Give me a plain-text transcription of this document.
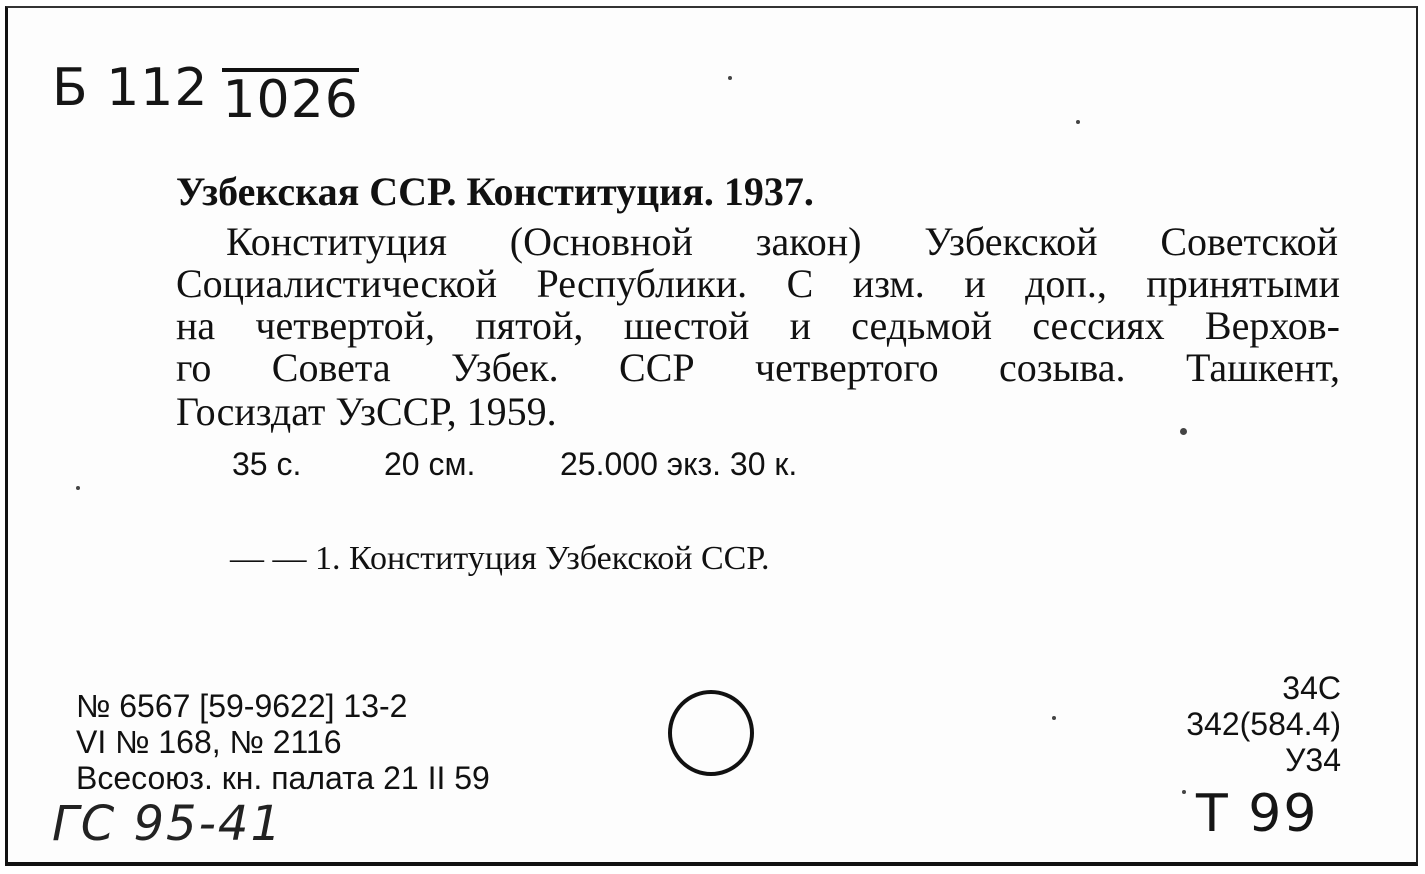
Б 112 1026
Узбекская ССР. Конституция. 1937.
Конституция (Основной закон) Узбекской Советской
Социалистической Республики. С изм. и доп., принятыми
на четвертой, пятой, шестой и седьмой сессиях Верхов-
го Совета Узбек. ССР четвертого созыва. Ташкент,
Госиздат УзССР, 1959.
35 с.	20 см.	25.000 экз. 30 к.
— — 1. Конституция Узбекской ССР.
№ 6567 [59-9622] 13-2
VI № 168, № 2116
Всесоюз. кн. палата 21 II 59
34С
342(584.4)
У34
ГС 95-41	Т 99
